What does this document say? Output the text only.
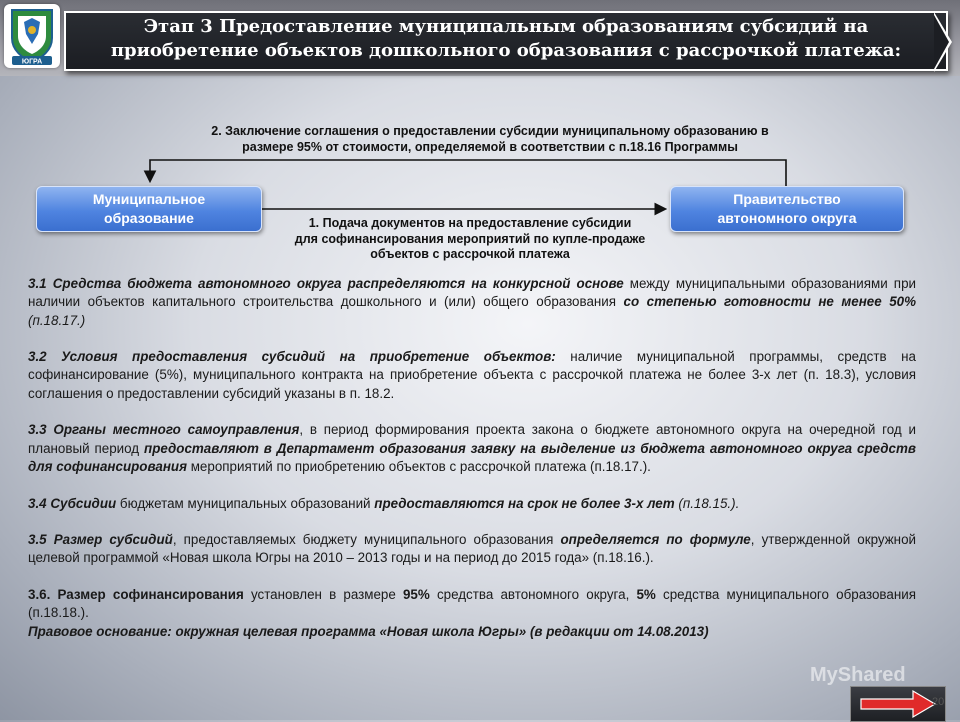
ЮГРА
Этап 3 Предоставление муниципальным образованиям субсидий на
приобретение объектов дошкольного образования с рассрочкой платежа:
2. Заключение соглашения о предоставлении субсидии муниципальному образованию в
размере 95% от стоимости, определяемой в соответствии с п.18.16 Программы
Муниципальное
образование
Правительство
автономного округа
1. Подача документов на предоставление субсидии
для софинансирования мероприятий по купле-продаже
объектов с рассрочкой платежа

3.1 Средства бюджета автономного округа распределяются на конкурсной основе между муниципальными образованиями при наличии объектов капитального строительства дошкольного и (или) общего образования со степенью готовности не менее 50% (п.18.17.)

3.2 Условия предоставления субсидий на приобретение объектов: наличие муниципальной программы, средств на софинансирование (5%), муниципального контракта на приобретение объекта с рассрочкой платежа не более 3-х лет (п. 18.3), условия соглашения о предоставлении субсидий указаны в п. 18.2.

3.3 Органы местного самоуправления, в период формирования проекта закона о бюджете автономного округа на очередной год и плановый период предоставляют в Департамент образования заявку на выделение из бюджета автономного округа средств для софинансирования мероприятий по приобретению объектов с рассрочкой платежа (п.18.17.).

3.4 Субсидии бюджетам муниципальных образований предоставляются на срок не более 3-х лет (п.18.15.).

3.5 Размер субсидий, предоставляемых бюджету муниципального образования определяется по формуле, утвержденной окружной целевой программой «Новая школа Югры на 2010 – 2013 годы и на период до 2015 года» (п.18.16.).

3.6. Размер софинансирования установлен в размере 95% средства автономного округа, 5% средства муниципального образования (п.18.18.).

Правовое основание: окружная целевая программа «Новая школа Югры» (в редакции от 14.08.2013)

MyShared
20
